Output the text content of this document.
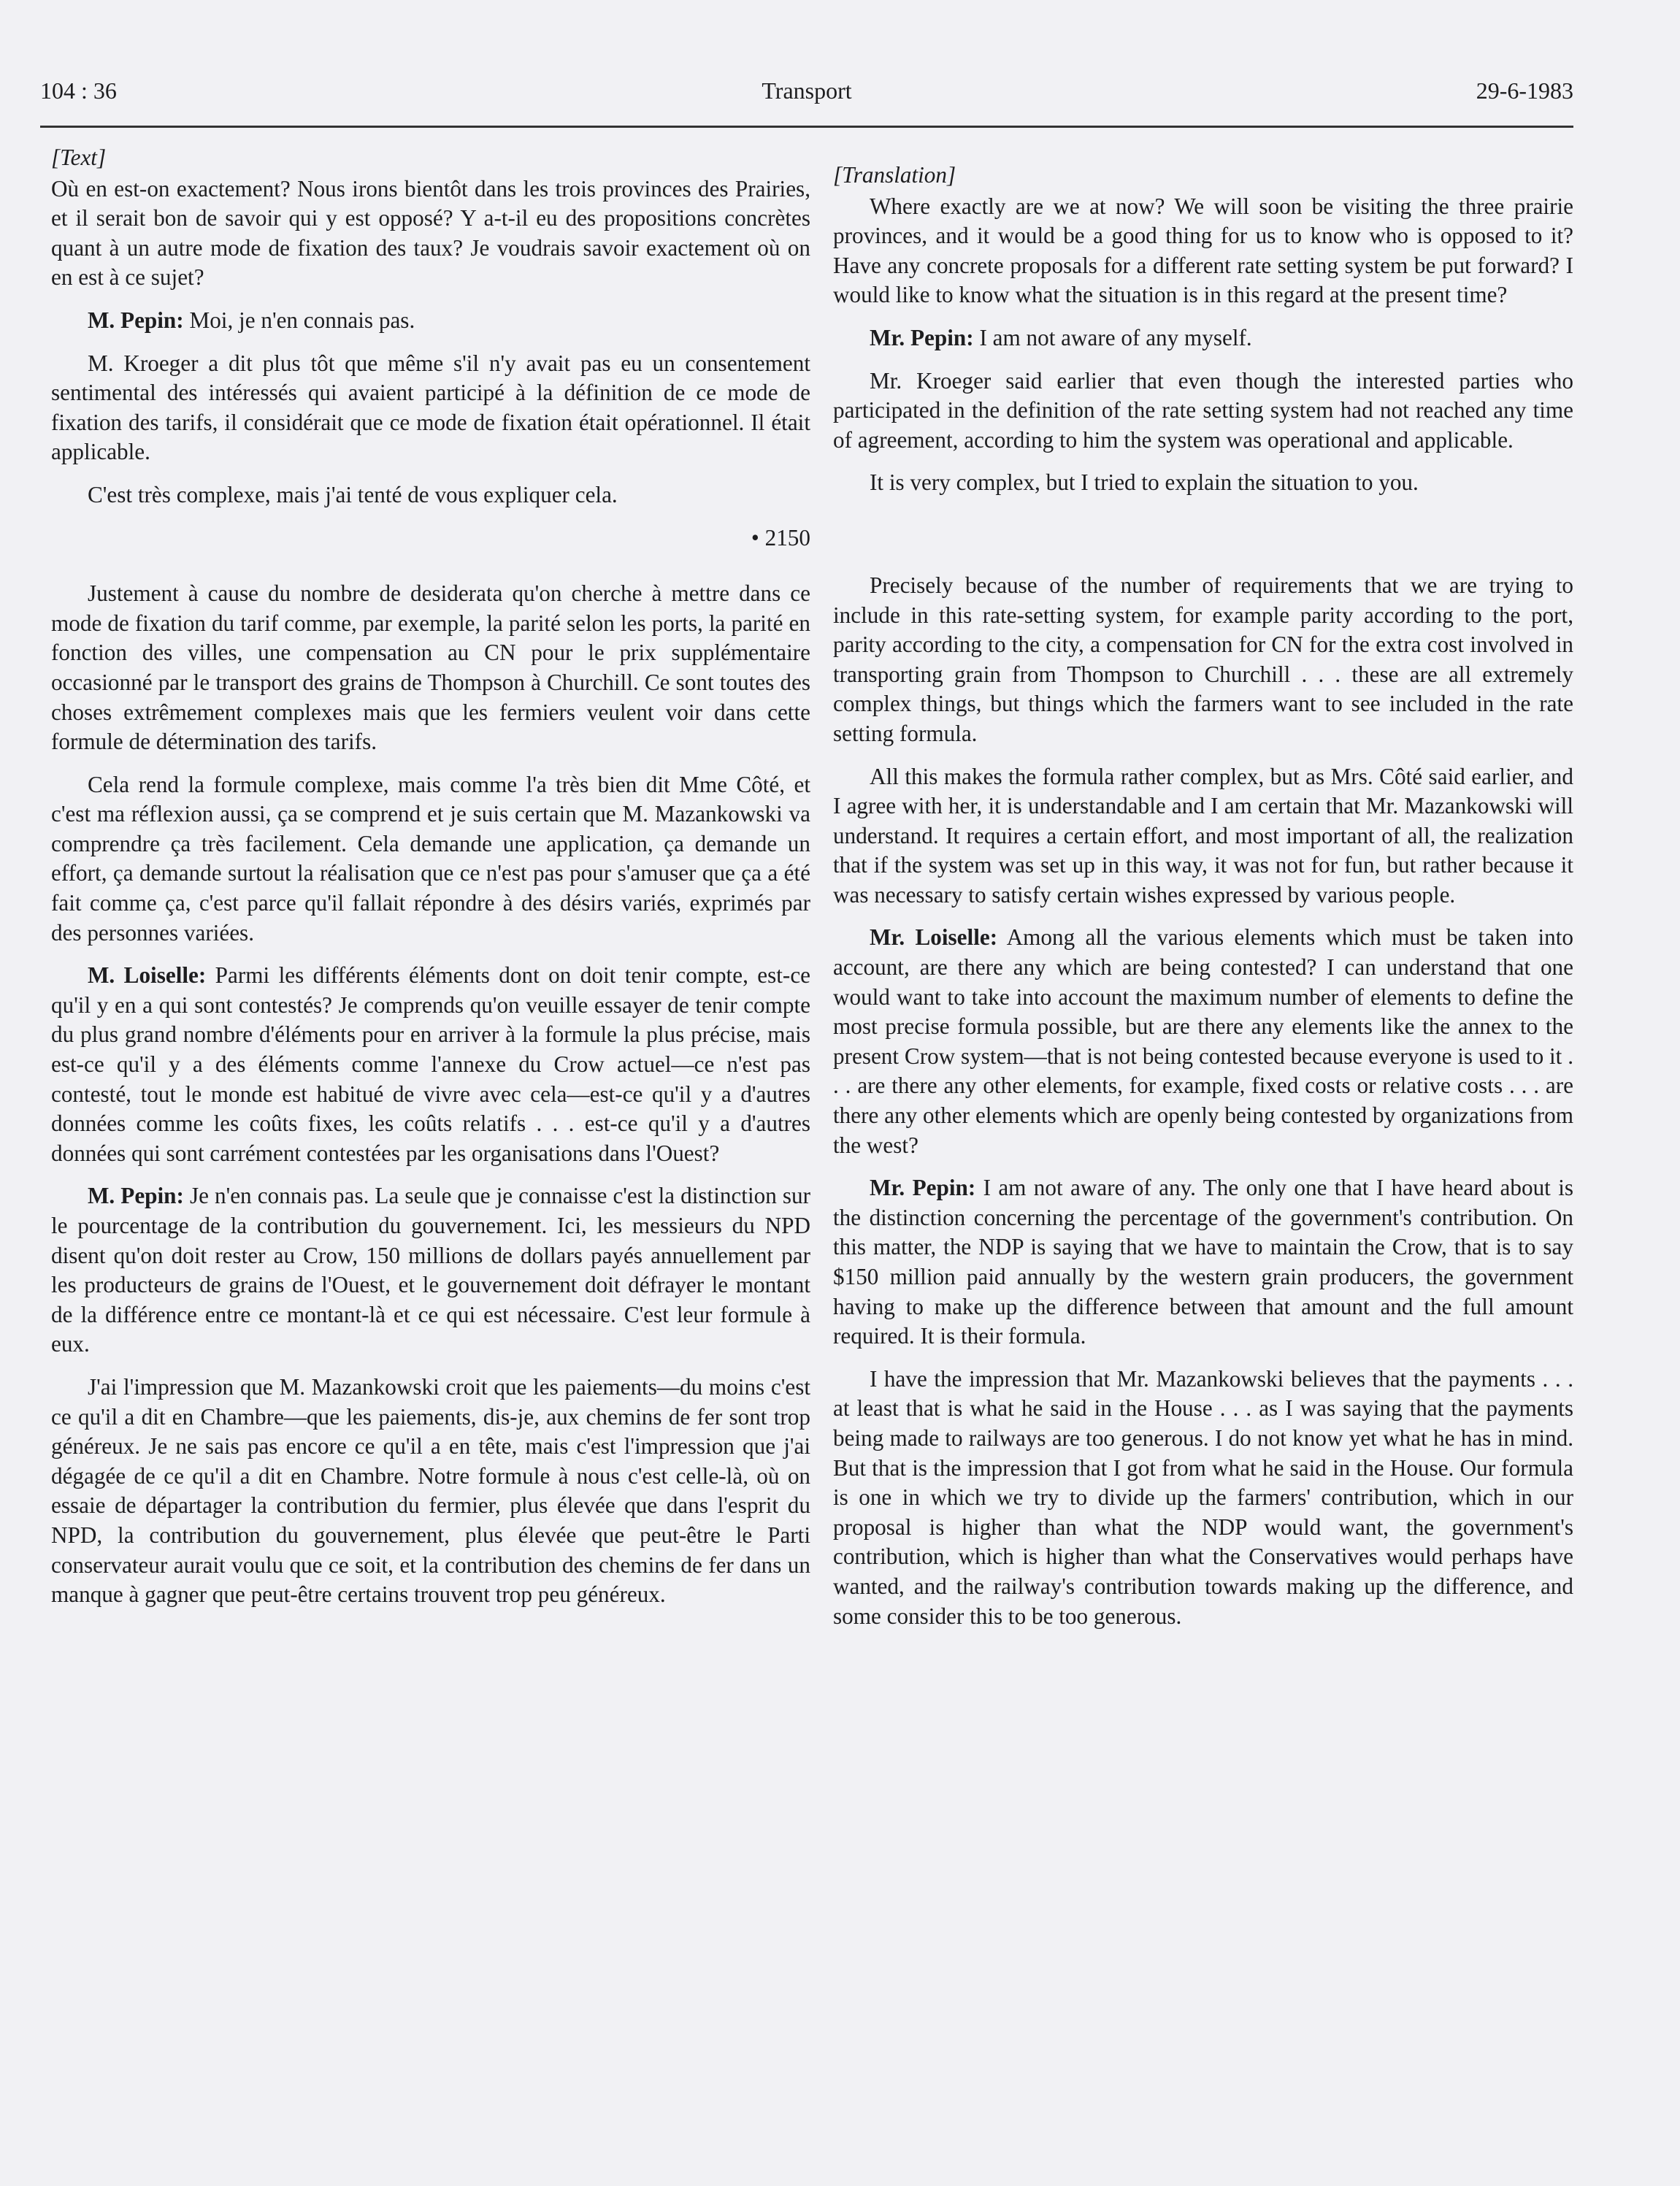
104 : 36	Transport	29-6-1983
[Text]

Où en est-on exactement? Nous irons bientôt dans les trois provinces des Prairies, et il serait bon de savoir qui y est opposé? Y a-t-il eu des propositions concrètes quant à un autre mode de fixation des taux? Je voudrais savoir exactement où on en est à ce sujet?

M. Pepin: Moi, je n'en connais pas.

M. Kroeger a dit plus tôt que même s'il n'y avait pas eu un consentement sentimental des intéressés qui avaient participé à la définition de ce mode de fixation des tarifs, il considérait que ce mode de fixation était opérationnel. Il était applicable.

C'est très complexe, mais j'ai tenté de vous expliquer cela.

• 2150

Justement à cause du nombre de desiderata qu'on cherche à mettre dans ce mode de fixation du tarif comme, par exemple, la parité selon les ports, la parité en fonction des villes, une compensation au CN pour le prix supplémentaire occasionné par le transport des grains de Thompson à Churchill. Ce sont toutes des choses extrêmement complexes mais que les fermiers veulent voir dans cette formule de détermination des tarifs.

Cela rend la formule complexe, mais comme l'a très bien dit Mme Côté, et c'est ma réflexion aussi, ça se comprend et je suis certain que M. Mazankowski va comprendre ça très facilement. Cela demande une application, ça demande un effort, ça demande surtout la réalisation que ce n'est pas pour s'amuser que ça a été fait comme ça, c'est parce qu'il fallait répondre à des désirs variés, exprimés par des personnes variées.

M. Loiselle: Parmi les différents éléments dont on doit tenir compte, est-ce qu'il y en a qui sont contestés? Je comprends qu'on veuille essayer de tenir compte du plus grand nombre d'éléments pour en arriver à la formule la plus précise, mais est-ce qu'il y a des éléments comme l'annexe du Crow actuel—ce n'est pas contesté, tout le monde est habitué de vivre avec cela—est-ce qu'il y a d'autres données comme les coûts fixes, les coûts relatifs . . . est-ce qu'il y a d'autres données qui sont carrément contestées par les organisations dans l'Ouest?

M. Pepin: Je n'en connais pas. La seule que je connaisse c'est la distinction sur le pourcentage de la contribution du gouvernement. Ici, les messieurs du NPD disent qu'on doit rester au Crow, 150 millions de dollars payés annuellement par les producteurs de grains de l'Ouest, et le gouvernement doit défrayer le montant de la différence entre ce montant-là et ce qui est nécessaire. C'est leur formule à eux.

J'ai l'impression que M. Mazankowski croit que les paiements—du moins c'est ce qu'il a dit en Chambre—que les paiements, dis-je, aux chemins de fer sont trop généreux. Je ne sais pas encore ce qu'il a en tête, mais c'est l'impression que j'ai dégagée de ce qu'il a dit en Chambre. Notre formule à nous c'est celle-là, où on essaie de départager la contribution du fermier, plus élevée que dans l'esprit du NPD, la contribution du gouvernement, plus élevée que peut-être le Parti conservateur aurait voulu que ce soit, et la contribution des chemins de fer dans un manque à gagner que peut-être certains trouvent trop peu généreux.

[Translation]

Where exactly are we at now? We will soon be visiting the three prairie provinces, and it would be a good thing for us to know who is opposed to it? Have any concrete proposals for a different rate setting system be put forward? I would like to know what the situation is in this regard at the present time?

Mr. Pepin: I am not aware of any myself.

Mr. Kroeger said earlier that even though the interested parties who participated in the definition of the rate setting system had not reached any time of agreement, according to him the system was operational and applicable.

It is very complex, but I tried to explain the situation to you.

Precisely because of the number of requirements that we are trying to include in this rate-setting system, for example parity according to the port, parity according to the city, a compensation for CN for the extra cost involved in transporting grain from Thompson to Churchill . . . these are all extremely complex things, but things which the farmers want to see included in the rate setting formula.

All this makes the formula rather complex, but as Mrs. Côté said earlier, and I agree with her, it is understandable and I am certain that Mr. Mazankowski will understand. It requires a certain effort, and most important of all, the realization that if the system was set up in this way, it was not for fun, but rather because it was necessary to satisfy certain wishes expressed by various people.

Mr. Loiselle: Among all the various elements which must be taken into account, are there any which are being contested? I can understand that one would want to take into account the maximum number of elements to define the most precise formula possible, but are there any elements like the annex to the present Crow system—that is not being contested because everyone is used to it . . . are there any other elements, for example, fixed costs or relative costs . . . are there any other elements which are openly being contested by organizations from the west?

Mr. Pepin: I am not aware of any. The only one that I have heard about is the distinction concerning the percentage of the government's contribution. On this matter, the NDP is saying that we have to maintain the Crow, that is to say $150 million paid annually by the western grain producers, the government having to make up the difference between that amount and the full amount required. It is their formula.

I have the impression that Mr. Mazankowski believes that the payments . . . at least that is what he said in the House . . . as I was saying that the payments being made to railways are too generous. I do not know yet what he has in mind. But that is the impression that I got from what he said in the House. Our formula is one in which we try to divide up the farmers' contribution, which in our proposal is higher than what the NDP would want, the government's contribution, which is higher than what the Conservatives would perhaps have wanted, and the railway's contribution towards making up the difference, and some consider this to be too generous.
